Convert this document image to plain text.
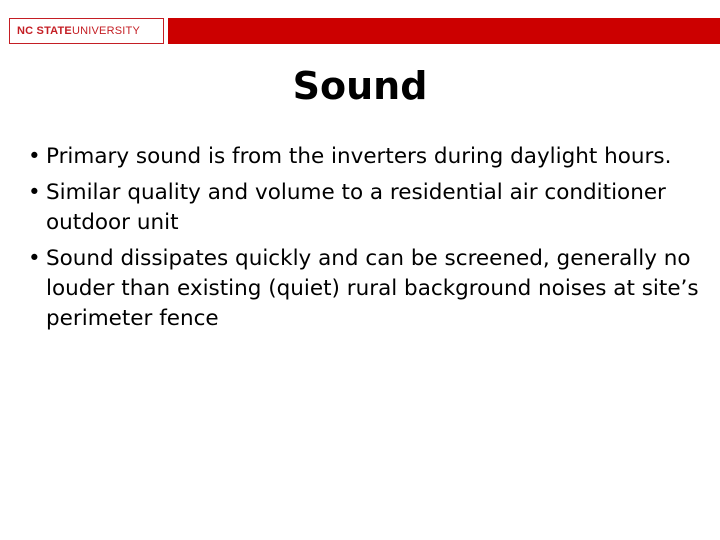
NC STATE UNIVERSITY
Sound
• Primary sound is from the inverters during daylight hours.
• Similar quality and volume to a residential air conditioner outdoor unit
• Sound dissipates quickly and can be screened, generally no louder than existing (quiet) rural background noises at site’s perimeter fence
